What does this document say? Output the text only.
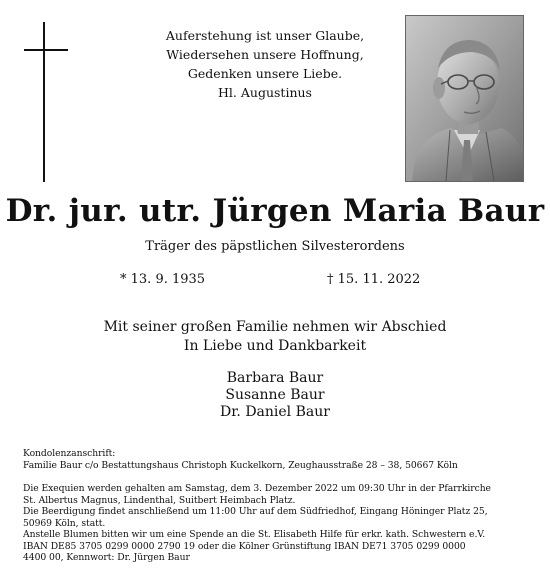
Auferstehung ist unser Glaube,
Wiedersehen unsere Hoffnung,
Gedenken unsere Liebe.
Hl. Augustinus
Dr. jur. utr. Jürgen Maria Baur
Träger des päpstlichen Silvesterordens
* 13. 9. 1935	† 15. 11. 2022
Mit seiner großen Familie nehmen wir Abschied
In Liebe und Dankbarkeit
Barbara Baur
Susanne Baur
Dr. Daniel Baur
Kondolenzanschrift:
Familie Baur c/o Bestattungshaus Christoph Kuckelkorn, Zeughausstraße 28 – 38, 50667 Köln
Die Exequien werden gehalten am Samstag, dem 3. Dezember 2022 um 09:30 Uhr in der Pfarrkirche
St. Albertus Magnus, Lindenthal, Suitbert Heimbach Platz.
Die Beerdigung findet anschließend um 11:00 Uhr auf dem Südfriedhof, Eingang Höninger Platz 25,
50969 Köln, statt.
Anstelle Blumen bitten wir um eine Spende an die St. Elisabeth Hilfe für erkr. kath. Schwestern e.V.
IBAN DE85 3705 0299 0000 2790 19 oder die Kölner Grünstiftung IBAN DE71 3705 0299 0000
4400 00, Kennwort: Dr. Jürgen Baur
